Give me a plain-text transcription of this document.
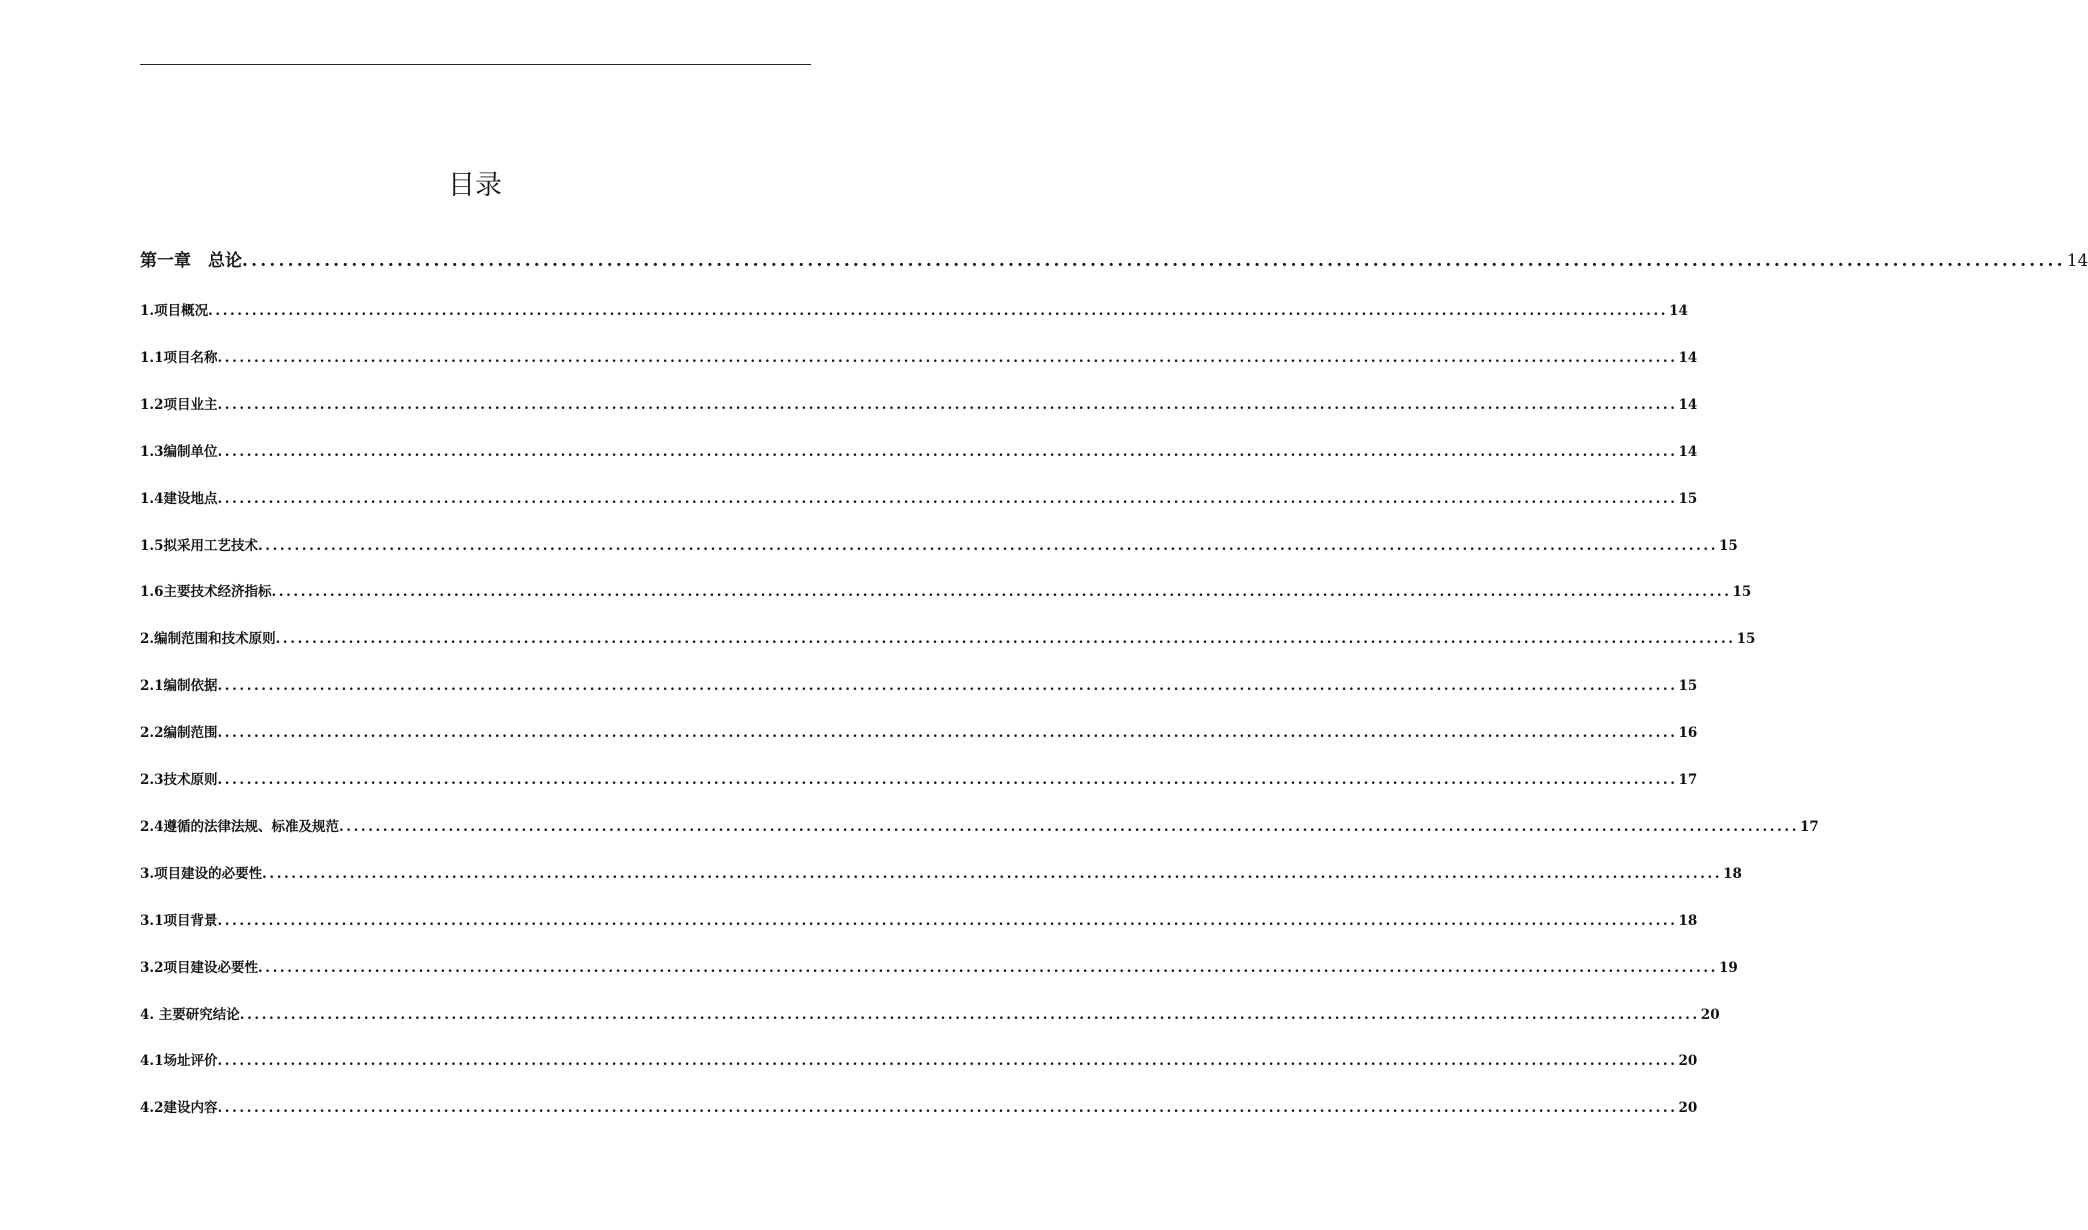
目录
第一章　总论 ........................................................................................................................................................................................................ 14
1.项目概况 ........................................................................................................................................................................................................ 14
1.1项目名称 ........................................................................................................................................................................................................ 14
1.2项目业主 ........................................................................................................................................................................................................ 14
1.3编制单位 ........................................................................................................................................................................................................ 14
1.4建设地点 ........................................................................................................................................................................................................ 15
1.5拟采用工艺技术 ........................................................................................................................................................................................................ 15
1.6主要技术经济指标 ........................................................................................................................................................................................................ 15
2.编制范围和技术原则 ........................................................................................................................................................................................................ 15
2.1编制依据 ........................................................................................................................................................................................................ 15
2.2编制范围 ........................................................................................................................................................................................................ 16
2.3技术原则 ........................................................................................................................................................................................................ 17
2.4遵循的法律法规、标准及规范 ........................................................................................................................................................................................................ 17
3.项目建设的必要性 ........................................................................................................................................................................................................ 18
3.1项目背景 ........................................................................................................................................................................................................ 18
3.2项目建设必要性 ........................................................................................................................................................................................................ 19
4. 主要研究结论 ........................................................................................................................................................................................................ 20
4.1场址评价 ........................................................................................................................................................................................................ 20
4.2建设内容 ........................................................................................................................................................................................................ 20
